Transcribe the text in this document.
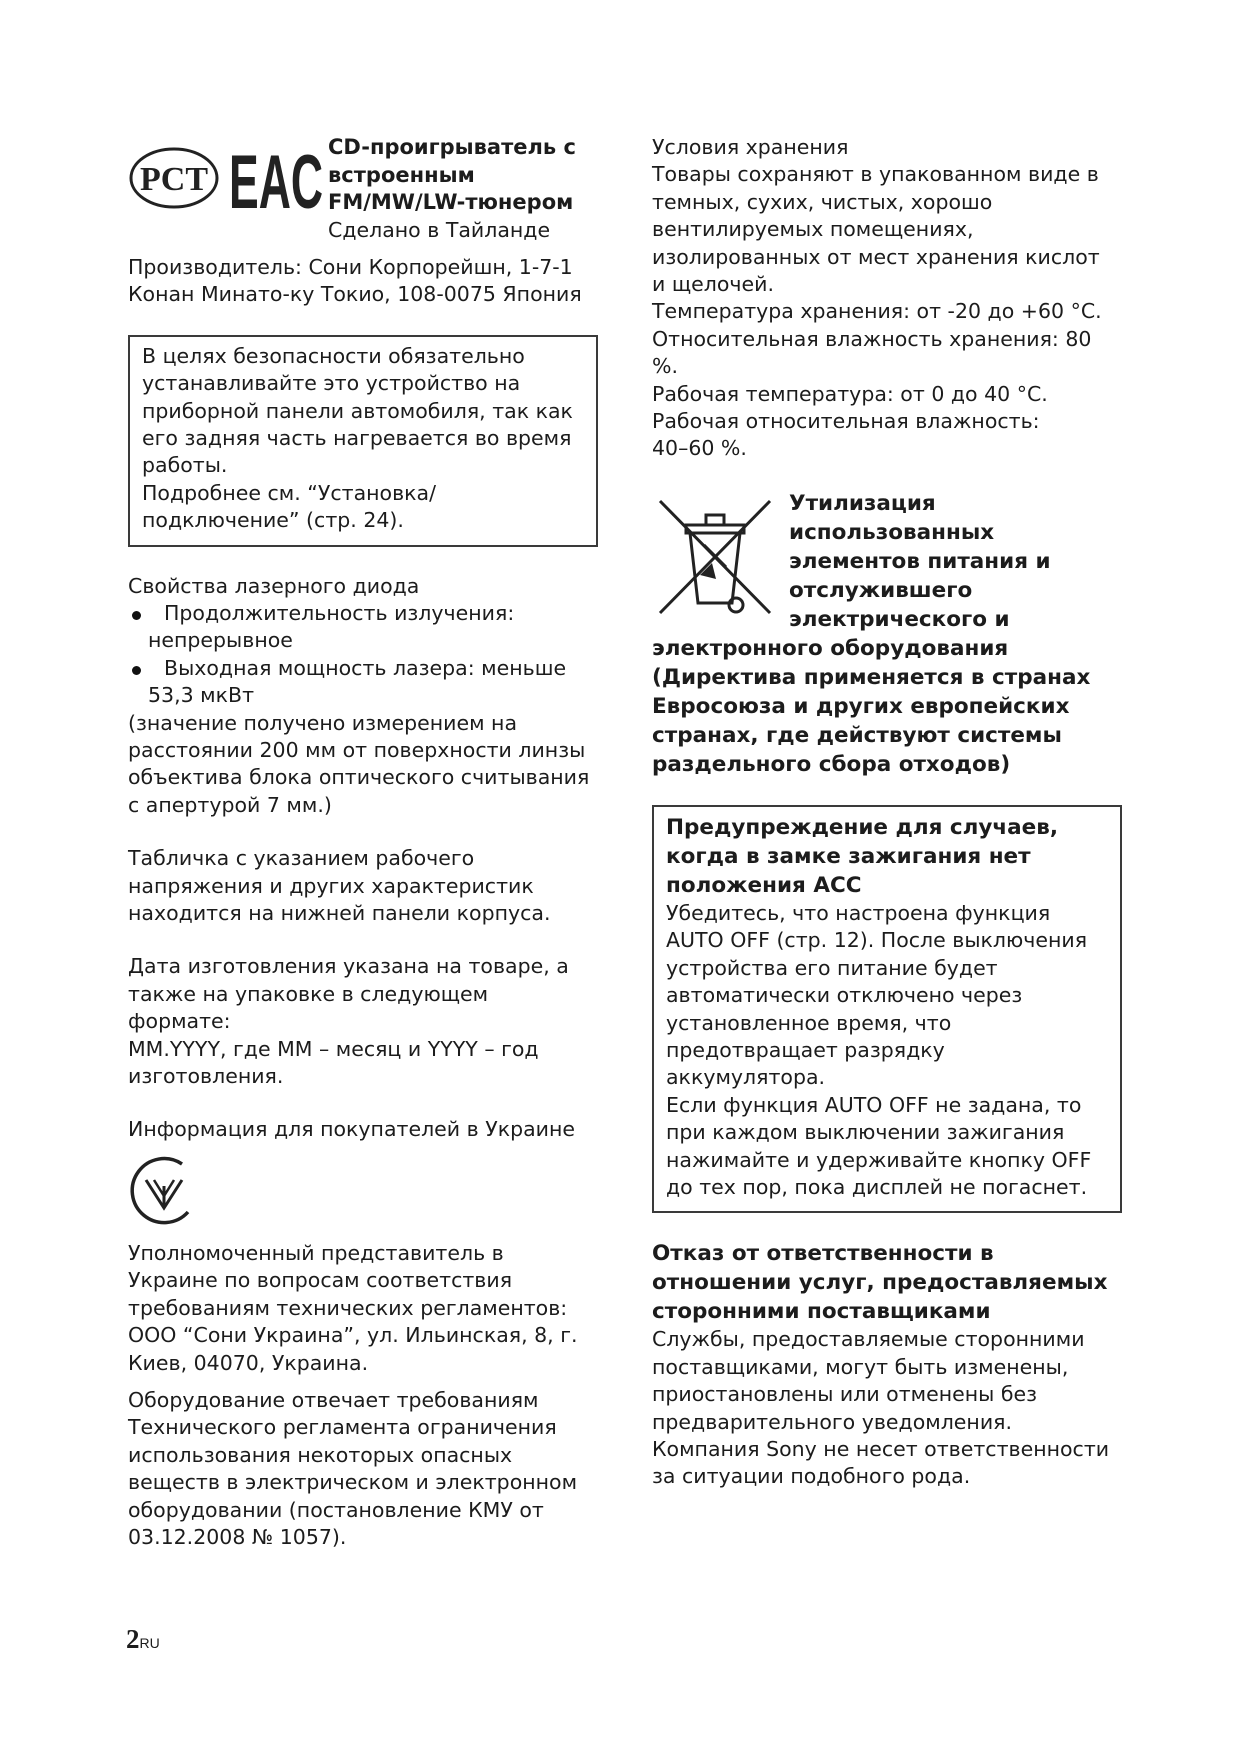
PCT EAC CD-проигрыватель с
встроенным
FM/MW/LW-тюнером

Сделано в Тайланде

Производитель: Сони Корпорейшн, 1-7-1
Конан Минато-ку Токио, 108-0075 Япония

В целях безопасности обязательно

устанавливайте это устройство на

приборной панели автомобиля, так как

его задняя часть нагревается во время

работы.

Подробнее см. “Установка/

подключение” (стр. 24).

Свойства лазерного диода

Продолжительность излучения:
непрерывное
Выходная мощность лазера: меньше
53,3 мкВт

(значение получено измерением на
расстоянии 200 мм от поверхности линзы
объектива блока оптического считывания
с апертурой 7 мм.)

Табличка с указанием рабочего
напряжения и других характеристик
находится на нижней панели корпуса.

Дата изготовления указана на товаре, а
также на упаковке в следующем
формате:
MM.YYYY, где MM – месяц и YYYY – год
изготовления.

Информация для покупателей в Украине

Уполномоченный представитель в
Украине по вопросам соответствия
требованиям технических регламентов:
ООО “Сони Украина”, ул. Ильинская, 8, г.
Киев, 04070, Украина.

Оборудование отвечает требованиям
Технического регламента ограничения
использования некоторых опасных
веществ в электрическом и электронном
оборудовании (постановление КМУ от
03.12.2008 № 1057).

Условия хранения
Товары сохраняют в упакованном виде в
темных, сухих, чистых, хорошо
вентилируемых помещениях,
изолированных от мест хранения кислот
и щелочей.
Температура хранения: от -20 до +60 °C.
Относительная влажность хранения: 80 %.
Рабочая температура: от 0 до 40 °C.
Рабочая относительная влажность:
40–60 %.

Утилизация
использованных
элементов питания и
отслужившего
электрического и
электронного оборудования
(Директива применяется в странах
Евросоюза и других европейских
странах, где действуют системы
раздельного сбора отходов)
Предупреждение для случаев,
когда в замке зажигания нет
положения ACC

Убедитесь, что настроена функция
AUTO OFF (стр. 12). После выключения
устройства его питание будет
автоматически отключено через
установленное время, что
предотвращает разрядку аккумулятора.
Если функция AUTO OFF не задана, то
при каждом выключении зажигания
нажимайте и удерживайте кнопку OFF
до тех пор, пока дисплей не погаснет.

Отказ от ответственности в
отношении услуг, предоставляемых
сторонними поставщиками

Службы, предоставляемые сторонними
поставщиками, могут быть изменены,
приостановлены или отменены без
предварительного уведомления.
Компания Sony не несет ответственности
за ситуации подобного рода.

2RU
